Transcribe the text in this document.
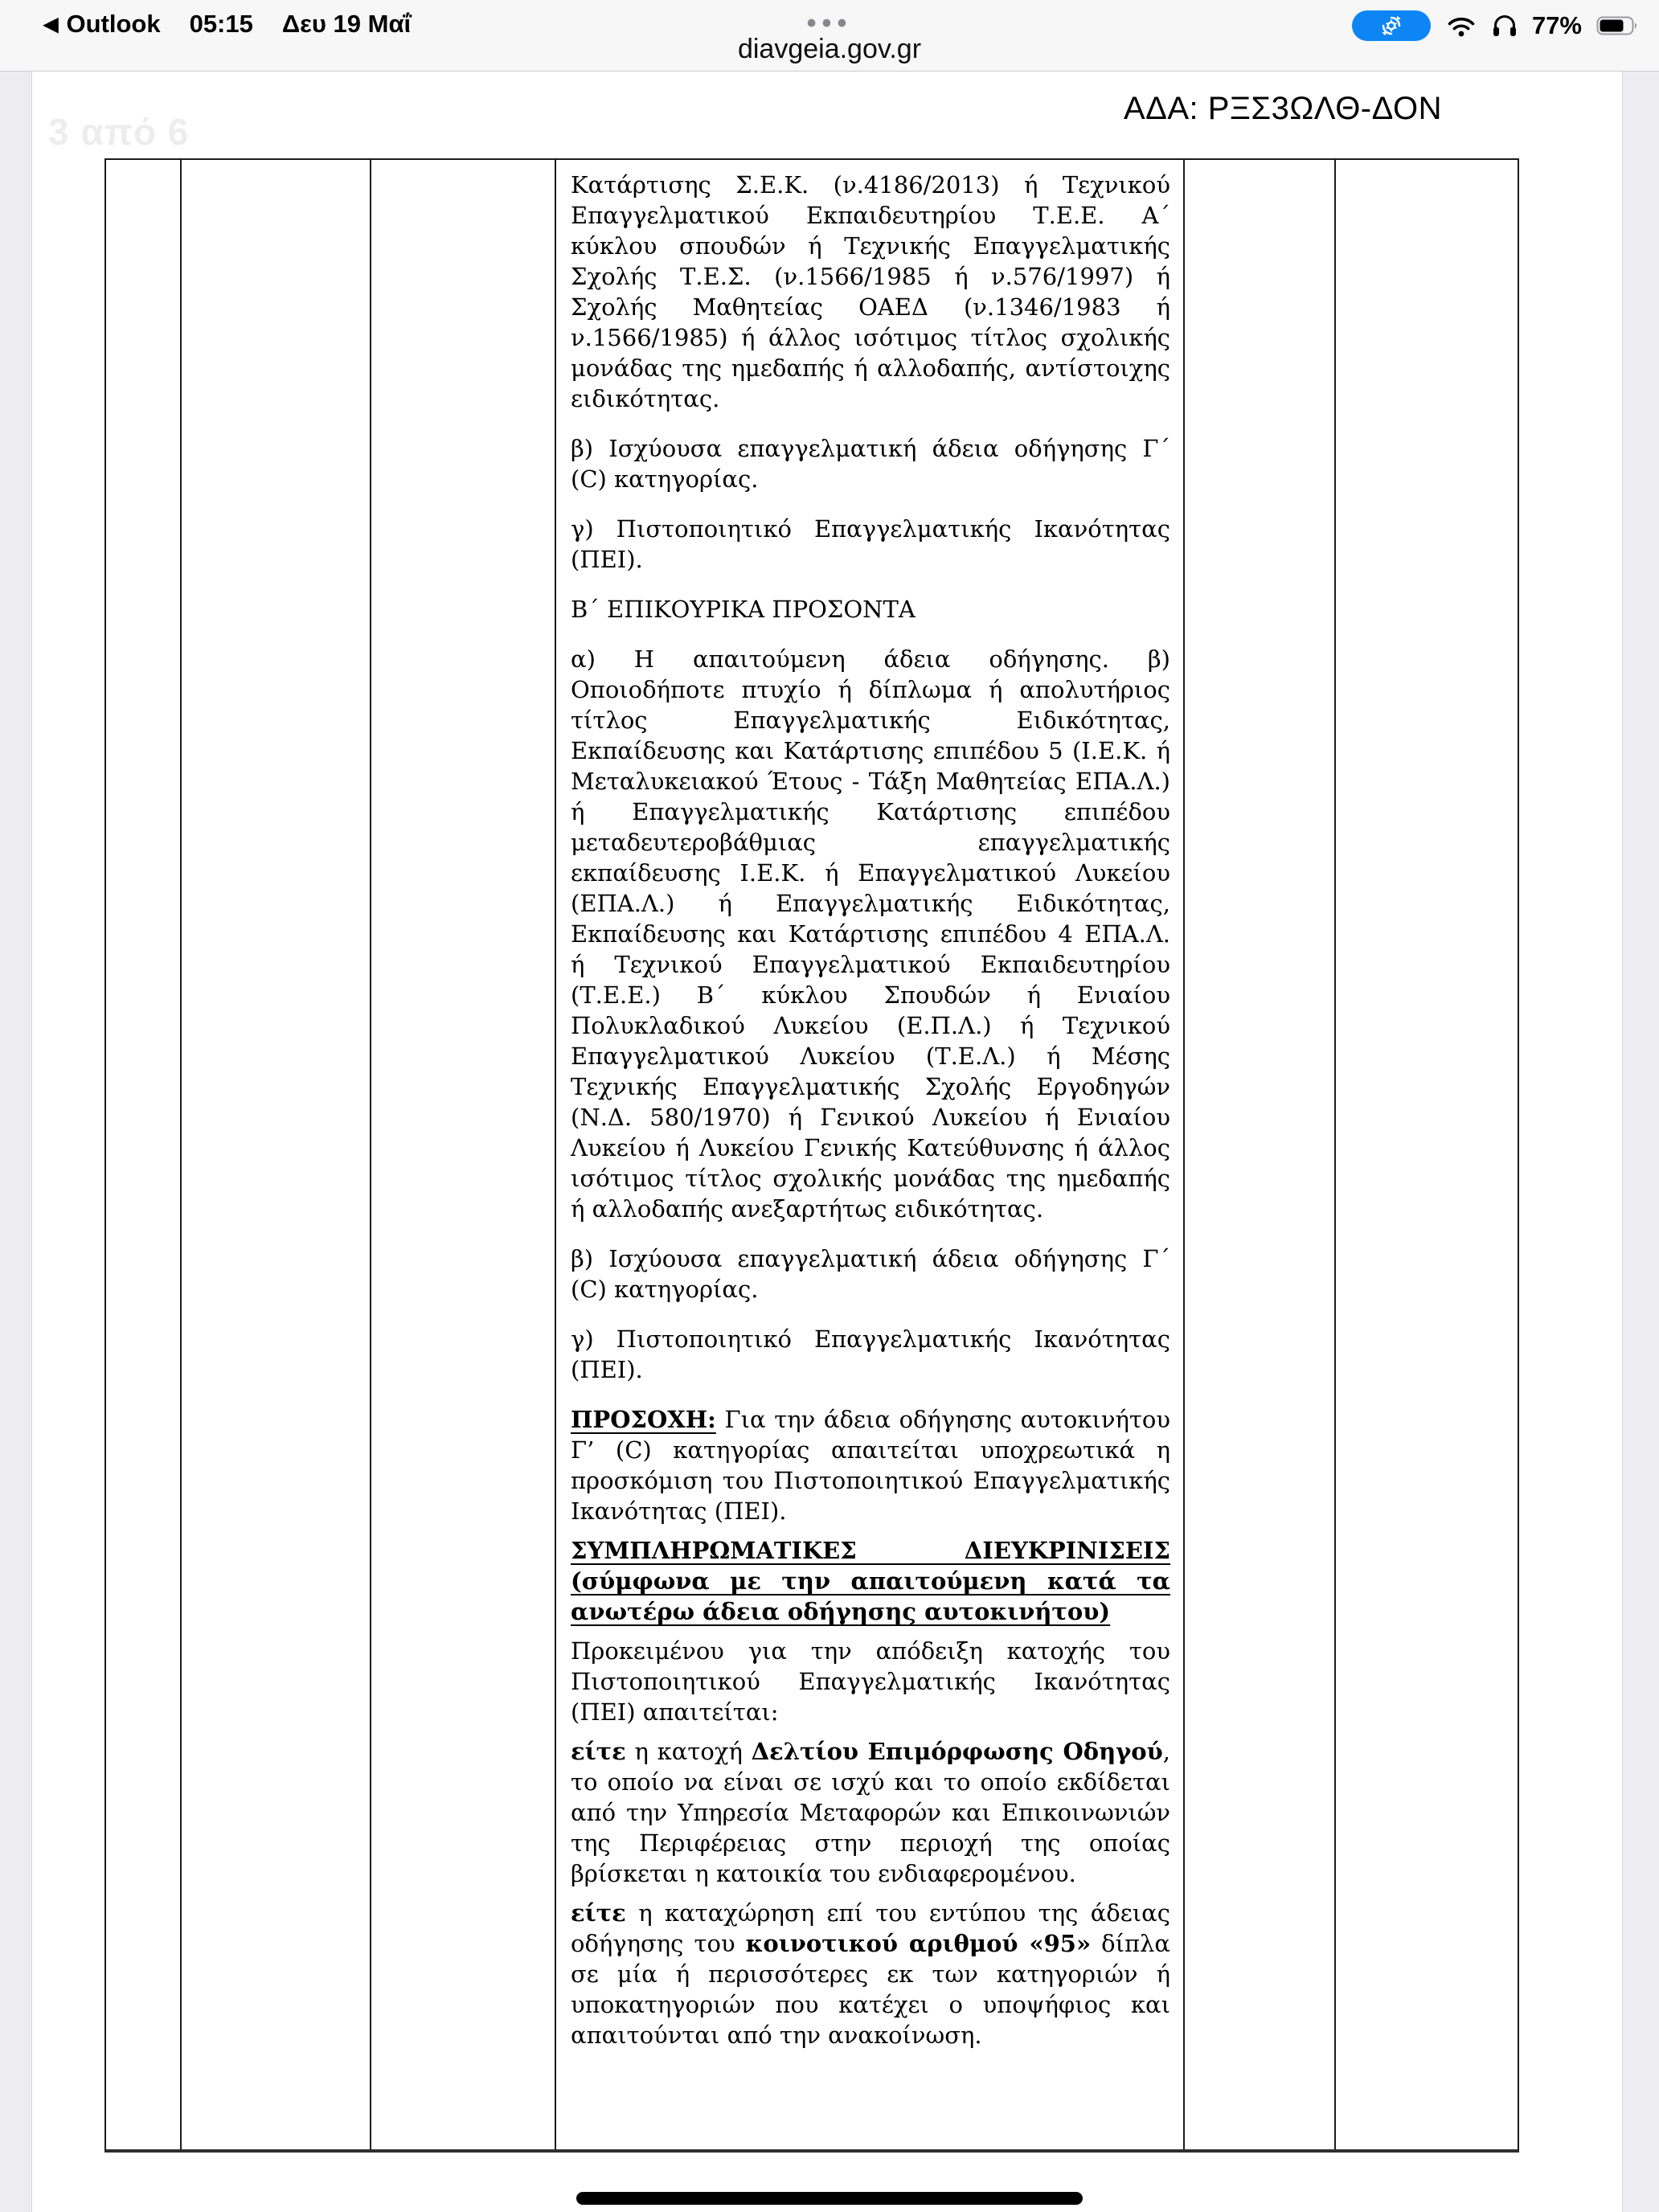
◀ Outlook 05:15 Δευ 19 Μαΐ	•••
diavgeia.gov.gr
77%
3 από 6
ΑΔΑ: ΡΞΣ3ΩΛΘ-ΔΟΝ

Κατάρτισης Σ.Ε.Κ. (ν.4186/2013) ή Τεχνικού Επαγγελματικού Εκπαιδευτηρίου Τ.Ε.Ε. Α΄ κύκλου σπουδών ή Τεχνικής Επαγγελματικής Σχολής Τ.Ε.Σ. (ν.1566/1985 ή ν.576/1997) ή Σχολής Μαθητείας ΟΑΕΔ (ν.1346/1983 ή ν.1566/1985) ή άλλος ισότιμος τίτλος σχολικής μονάδας της ημεδαπής ή αλλοδαπής, αντίστοιχης ειδικότητας.

β) Ισχύουσα επαγγελματική άδεια οδήγησης Γ΄ (C) κατηγορίας.

γ) Πιστοποιητικό Επαγγελματικής Ικανότητας (ΠΕΙ).

Β΄ ΕΠΙΚΟΥΡΙΚΑ ΠΡΟΣΟΝΤΑ

α) Η απαιτούμενη άδεια οδήγησης. β) Οποιοδήποτε πτυχίο ή δίπλωμα ή απολυτήριος τίτλος Επαγγελματικής Ειδικότητας, Εκπαίδευσης και Κατάρτισης επιπέδου 5 (Ι.Ε.Κ. ή Μεταλυκειακού Έτους - Τάξη Μαθητείας ΕΠΑ.Λ.) ή Επαγγελματικής Κατάρτισης επιπέδου μεταδευτεροβάθμιας επαγγελματικής εκπαίδευσης Ι.Ε.Κ. ή Επαγγελματικού Λυκείου (ΕΠΑ.Λ.) ή Επαγγελματικής Ειδικότητας, Εκπαίδευσης και Κατάρτισης επιπέδου 4 ΕΠΑ.Λ. ή Τεχνικού Επαγγελματικού Εκπαιδευτηρίου (Τ.Ε.Ε.) Β΄ κύκλου Σπουδών ή Ενιαίου Πολυκλαδικού Λυκείου (Ε.Π.Λ.) ή Τεχνικού Επαγγελματικού Λυκείου (Τ.Ε.Λ.) ή Μέσης Τεχνικής Επαγγελματικής Σχολής Εργοδηγών (Ν.Δ. 580/1970) ή Γενικού Λυκείου ή Ενιαίου Λυκείου ή Λυκείου Γενικής Κατεύθυνσης ή άλλος ισότιμος τίτλος σχολικής μονάδας της ημεδαπής ή αλλοδαπής ανεξαρτήτως ειδικότητας.

β) Ισχύουσα επαγγελματική άδεια οδήγησης Γ΄ (C) κατηγορίας.

γ) Πιστοποιητικό Επαγγελματικής Ικανότητας (ΠΕΙ).

ΠΡΟΣΟΧΗ: Για την άδεια οδήγησης αυτοκινήτου Γ’ (C) κατηγορίας απαιτείται υποχρεωτικά η προσκόμιση του Πιστοποιητικού Επαγγελματικής Ικανότητας (ΠΕΙ).

ΣΥΜΠΛΗΡΩΜΑΤΙΚΕΣ ΔΙΕΥΚΡΙΝΙΣΕΙΣ (σύμφωνα με την απαιτούμενη κατά τα ανωτέρω άδεια οδήγησης αυτοκινήτου)

Προκειμένου για την απόδειξη κατοχής του Πιστοποιητικού Επαγγελματικής Ικανότητας (ΠΕΙ) απαιτείται:

είτε η κατοχή Δελτίου Επιμόρφωσης Οδηγού, το οποίο να είναι σε ισχύ και το οποίο εκδίδεται από την Υπηρεσία Μεταφορών και Επικοινωνιών της Περιφέρειας στην περιοχή της οποίας βρίσκεται η κατοικία του ενδιαφερομένου.

είτε η καταχώρηση επί του εντύπου της άδειας οδήγησης του κοινοτικού αριθμού «95» δίπλα σε μία ή περισσότερες εκ των κατηγοριών ή υποκατηγοριών που κατέχει ο υποψήφιος και απαιτούνται από την ανακοίνωση.
